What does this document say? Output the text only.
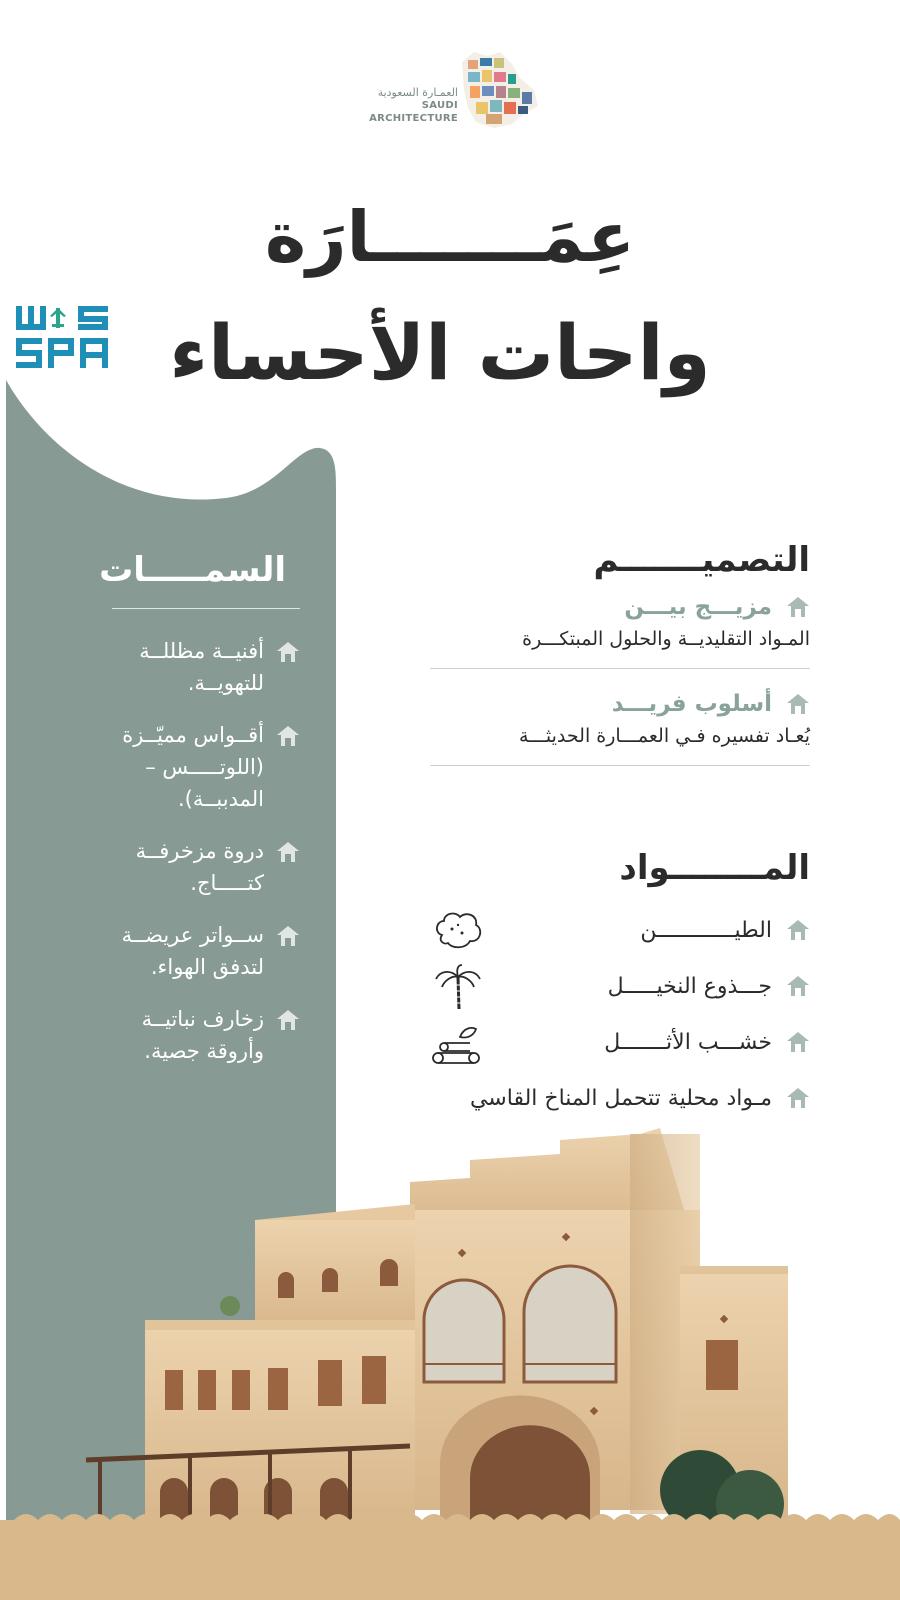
العمـارة السعودية
SAUDI
ARCHITECTURE
عِمَـــــــارَة
واحات الأحساء
السمـــــات
أفنيــة مظللــة للتهويــة.
أقــواس مميّــزة (اللوتـــــس – المدببــة).
دروة مزخرفــة كتـــــاج.
ســواتر عريضــة لتدفق الهواء.
زخارف نباتيــة وأروقة جصية.
التصميـــــــم
مزيـــج بيـــن
المـواد التقليديــة والحلول المبتكـــرة
أسلوب فريـــد
يُعـاد تفسيره فـي العمـــارة الحديثـــة
المــــــــواد
الطيــــــــــــن
جـــذوع النخيـــــل
خشـــب الأثـــــــل
مـواد محلية تتحمل المناخ القاسي
